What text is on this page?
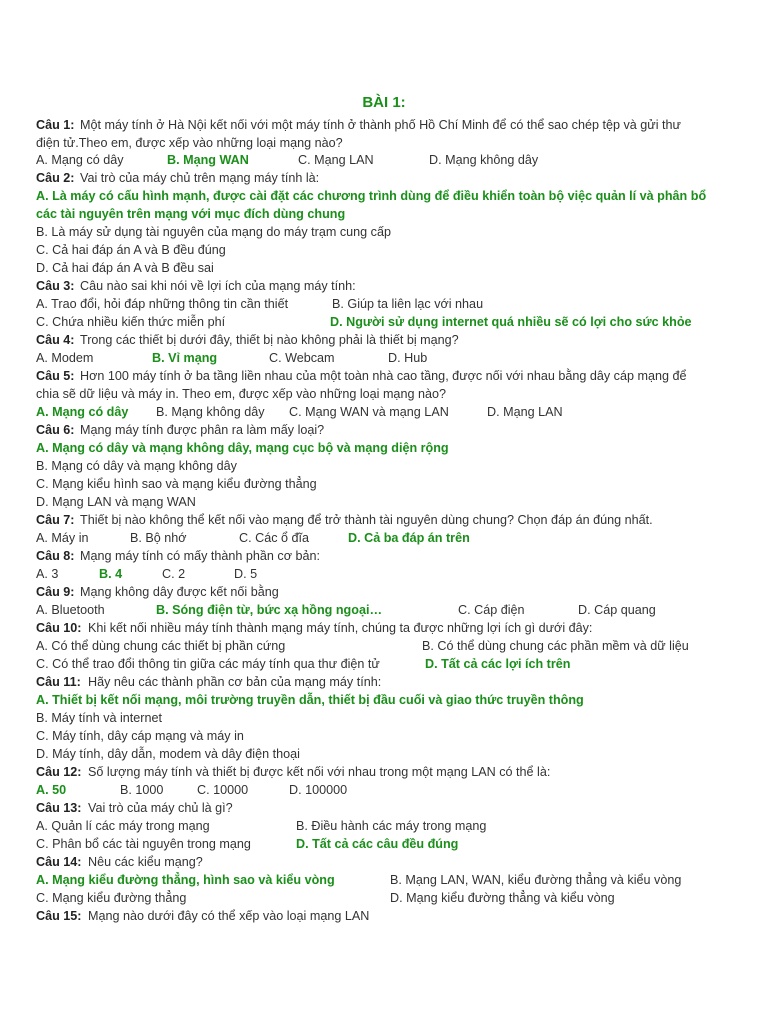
BÀI 1:
Câu 1: Một máy tính ở Hà Nội kết nối với một máy tính ở thành phố Hồ Chí Minh để có thể sao chép tệp và gửi thư
điện tử.Theo em, được xếp vào những loại mạng nào?
A. Mạng có dây	B. Mạng WAN	C. Mạng LAN	D. Mạng không dây
Câu 2: Vai trò của máy chủ trên mạng máy tính là:
A. Là máy có cấu hình mạnh, được cài đặt các chương trình dùng để điều khiển toàn bộ việc quản lí và phân bổ
các tài nguyên trên mạng với mục đích dùng chung
B. Là máy sử dụng tài nguyên của mạng do máy trạm cung cấp
C. Cả hai đáp án A và B đều đúng
D. Cả hai đáp án A và B đều sai
Câu 3: Câu nào sai khi nói về lợi ích của mạng máy tính:
A. Trao đổi, hỏi đáp những thông tin cần thiết	B. Giúp ta liên lạc với nhau
C. Chứa nhiều kiến thức miễn phí	D. Người sử dụng internet quá nhiều sẽ có lợi cho sức khỏe
Câu 4: Trong các thiết bị dưới đây, thiết bị nào không phải là thiết bị mạng?
A. Modem	B. Vỉ mạng	C. Webcam	D. Hub
Câu 5: Hơn 100 máy tính ở ba tầng liền nhau của một toàn nhà cao tầng, được nối với nhau bằng dây cáp mạng để
chia sẽ dữ liệu và máy in. Theo em, được xếp vào những loại mạng nào?
A. Mạng có dây B. Mạng không dây C. Mạng WAN và mạng LAN	D. Mạng LAN
Câu 6: Mạng máy tính được phân ra làm mấy loại?
A. Mạng có dây và mạng không dây, mạng cục bộ và mạng diện rộng
B. Mạng có dây và mạng không dây
C. Mạng kiểu hình sao và mạng kiểu đường thẳng
D. Mạng LAN và mạng WAN
Câu 7: Thiết bị nào không thể kết nối vào mạng để trở thành tài nguyên dùng chung? Chọn đáp án đúng nhất.
A. Máy in	B. Bộ nhớ	C. Các ổ đĩa	D. Cả ba đáp án trên
Câu 8: Mạng máy tính có mấy thành phần cơ bản:
A. 3	B. 4	C. 2	D. 5
Câu 9: Mạng không dây được kết nối bằng
A. Bluetooth	B. Sóng điện từ, bức xạ hồng ngoại…	C. Cáp điện	D. Cáp quang
Câu 10: Khi kết nối nhiều máy tính thành mạng máy tính, chúng ta được những lợi ích gì dưới đây:
A. Có thể dùng chung các thiết bị phần cứng	B. Có thể dùng chung các phần mềm và dữ liệu
C. Có thể trao đổi thông tin giữa các máy tính qua thư điện tử	D. Tất cả các lợi ích trên
Câu 11: Hãy nêu các thành phần cơ bản của mạng máy tính:
A. Thiết bị kết nối mạng, môi trường truyền dẫn, thiết bị đầu cuối và giao thức truyền thông
B. Máy tính và internet
C. Máy tính, dây cáp mạng và máy in
D. Máy tính, dây dẫn, modem và dây điện thoại
Câu 12: Số lượng máy tính và thiết bị được kết nối với nhau trong một mạng LAN có thể là:
A. 50	B. 1000	C. 10000	D. 100000
Câu 13: Vai trò của máy chủ là gì?
A. Quản lí các máy trong mạng	B. Điều hành các máy trong mạng
C. Phân bổ các tài nguyên trong mạng	D. Tất cả các câu đều đúng
Câu 14: Nêu các kiểu mạng?
A. Mạng kiểu đường thẳng, hình sao và kiểu vòng	B. Mạng LAN, WAN, kiểu đường thẳng và kiểu vòng
C. Mạng kiểu đường thẳng	D. Mạng kiểu đường thẳng và kiểu vòng
Câu 15: Mạng nào dưới đây có thể xếp vào loại mạng LAN
